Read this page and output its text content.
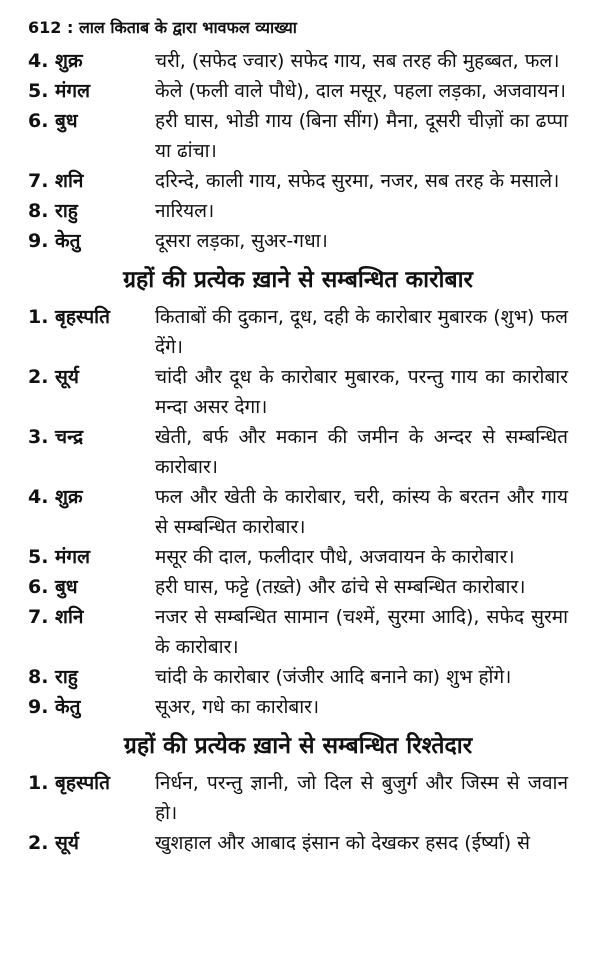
612 : लाल किताब के द्वारा भावफल व्याख्या
4. शुक्र	चरी, (सफेद ज्वार) सफेद गाय, सब तरह की मुहब्बत, फल।
5. मंगल	केले (फली वाले पौधे), दाल मसूर, पहला लड़का, अजवायन।
6. बुध	हरी घास, भोडी गाय (बिना सींग) मैना, दूसरी चीज़ों का ढप्पा या ढांचा।
7. शनि	दरिन्दे, काली गाय, सफेद सुरमा, नजर, सब तरह के मसाले।
8. राहु	नारियल।
9. केतु	दूसरा लड़का, सुअर-गधा।
ग्रहों की प्रत्येक ख़ाने से सम्बन्धित कारोबार
1. बृहस्पति	किताबों की दुकान, दूध, दही के कारोबार मुबारक (शुभ) फल देंगे।
2. सूर्य	चांदी और दूध के कारोबार मुबारक, परन्तु गाय का कारोबार मन्दा असर देगा।
3. चन्द्र	खेती, बर्फ और मकान की जमीन के अन्दर से सम्बन्धित कारोबार।
4. शुक्र	फल और खेती के कारोबार, चरी, कांस्य के बरतन और गाय से सम्बन्धित कारोबार।
5. मंगल	मसूर की दाल, फलीदार पौधे, अजवायन के कारोबार।
6. बुध	हरी घास, फट्टे (तख़्ते) और ढांचे से सम्बन्धित कारोबार।
7. शनि	नजर से सम्बन्धित सामान (चश्में, सुरमा आदि), सफेद सुरमा के कारोबार।
8. राहु	चांदी के कारोबार (जंजीर आदि बनाने का) शुभ होंगे।
9. केतु	सूअर, गधे का कारोबार।
ग्रहों की प्रत्येक ख़ाने से सम्बन्धित रिश्तेदार
1. बृहस्पति	निर्धन, परन्तु ज्ञानी, जो दिल से बुजुर्ग और जिस्म से जवान हो।
2. सूर्य	खुशहाल और आबाद इंसान को देखकर हसद (ईर्ष्या) से
